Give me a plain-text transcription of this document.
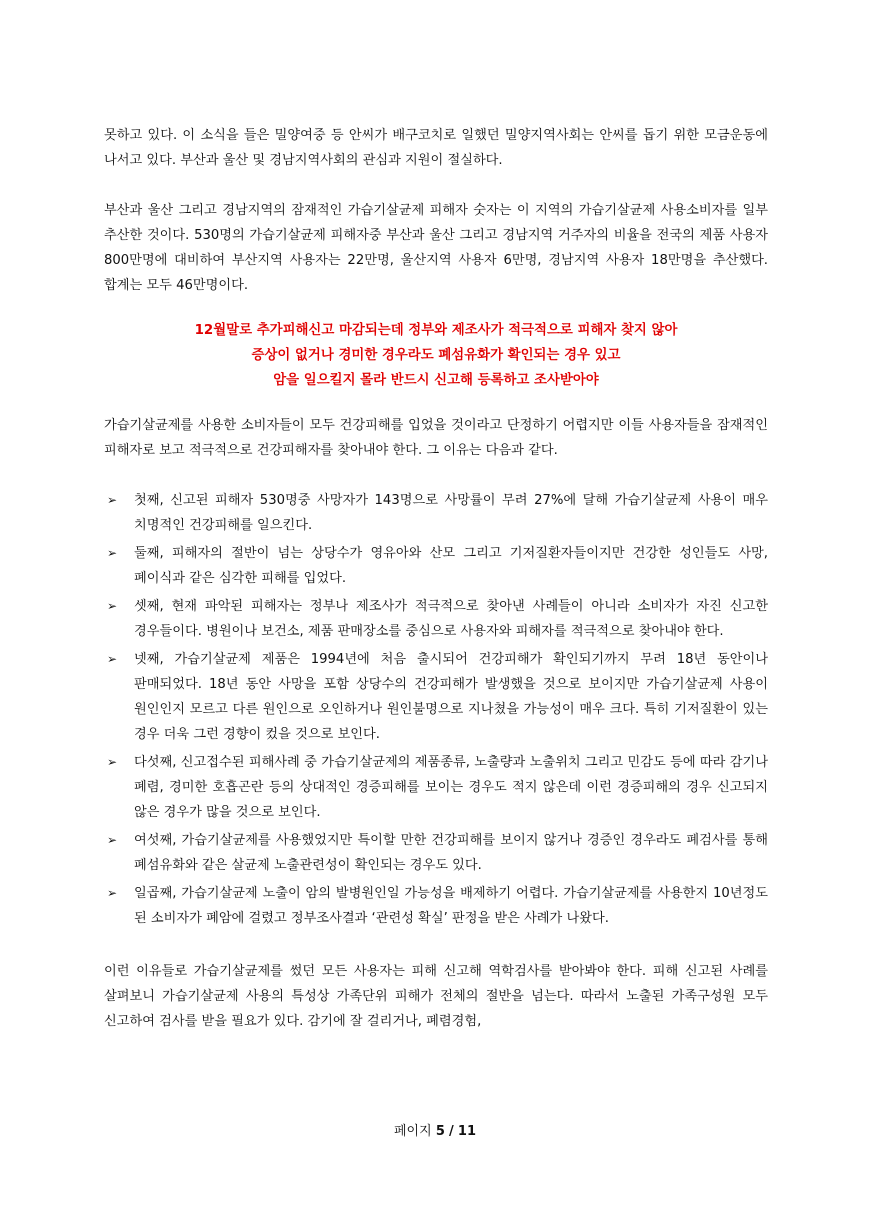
못하고 있다. 이 소식을 들은 밀양여중 등 안씨가 배구코치로 일했던 밀양지역사회는 안씨를 돕기 위한 모금운동에 나서고 있다. 부산과 울산 및 경남지역사회의 관심과 지원이 절실하다.

부산과 울산 그리고 경남지역의 잠재적인 가습기살균제 피해자 숫자는 이 지역의 가습기살균제 사용소비자를 일부 추산한 것이다. 530명의 가습기살균제 피해자중 부산과 울산 그리고 경남지역 거주자의 비율을 전국의 제품 사용자 800만명에 대비하여 부산지역 사용자는 22만명, 울산지역 사용자 6만명, 경남지역 사용자 18만명을 추산했다. 합계는 모두 46만명이다.

12월말로 추가피해신고 마감되는데 정부와 제조사가 적극적으로 피해자 찾지 않아

증상이 없거나 경미한 경우라도 폐섬유화가 확인되는 경우 있고

암을 일으킬지 몰라 반드시 신고해 등록하고 조사받아야

가습기살균제를 사용한 소비자들이 모두 건강피해를 입었을 것이라고 단정하기 어렵지만 이들 사용자들을 잠재적인 피해자로 보고 적극적으로 건강피해자를 찾아내야 한다. 그 이유는 다음과 같다.

➢ 첫째, 신고된 피해자 530명중 사망자가 143명으로 사망률이 무려 27%에 달해 가습기살균제 사용이 매우 치명적인 건강피해를 일으킨다.
➢ 둘째, 피해자의 절반이 넘는 상당수가 영유아와 산모 그리고 기저질환자들이지만 건강한 성인들도 사망, 폐이식과 같은 심각한 피해를 입었다.
➢ 셋째, 현재 파악된 피해자는 정부나 제조사가 적극적으로 찾아낸 사례들이 아니라 소비자가 자진 신고한 경우들이다. 병원이나 보건소, 제품 판매장소를 중심으로 사용자와 피해자를 적극적으로 찾아내야 한다.
➢ 넷째, 가습기살균제 제품은 1994년에 처음 출시되어 건강피해가 확인되기까지 무려 18년 동안이나 판매되었다. 18년 동안 사망을 포함 상당수의 건강피해가 발생했을 것으로 보이지만 가습기살균제 사용이 원인인지 모르고 다른 원인으로 오인하거나 원인불명으로 지나쳤을 가능성이 매우 크다. 특히 기저질환이 있는 경우 더욱 그런 경향이 컸을 것으로 보인다.
➢ 다섯째, 신고접수된 피해사례 중 가습기살균제의 제품종류, 노출량과 노출위치 그리고 민감도 등에 따라 감기나 폐렴, 경미한 호흡곤란 등의 상대적인 경증피해를 보이는 경우도 적지 않은데 이런 경증피해의 경우 신고되지 않은 경우가 많을 것으로 보인다.
➢ 여섯째, 가습기살균제를 사용했었지만 특이할 만한 건강피해를 보이지 않거나 경증인 경우라도 폐검사를 통해 폐섬유화와 같은 살균제 노출관련성이 확인되는 경우도 있다.
➢ 일곱째, 가습기살균제 노출이 암의 발병원인일 가능성을 배제하기 어렵다. 가습기살균제를 사용한지 10년정도 된 소비자가 폐암에 걸렸고 정부조사결과 ‘관련성 확실’ 판정을 받은 사례가 나왔다.

이런 이유들로 가습기살균제를 썼던 모든 사용자는 피해 신고해 역학검사를 받아봐야 한다. 피해 신고된 사례를 살펴보니 가습기살균제 사용의 특성상 가족단위 피해가 전체의 절반을 넘는다. 따라서 노출된 가족구성원 모두 신고하여 검사를 받을 필요가 있다. 감기에 잘 걸리거나, 폐렴경험,

페이지 5 / 11
